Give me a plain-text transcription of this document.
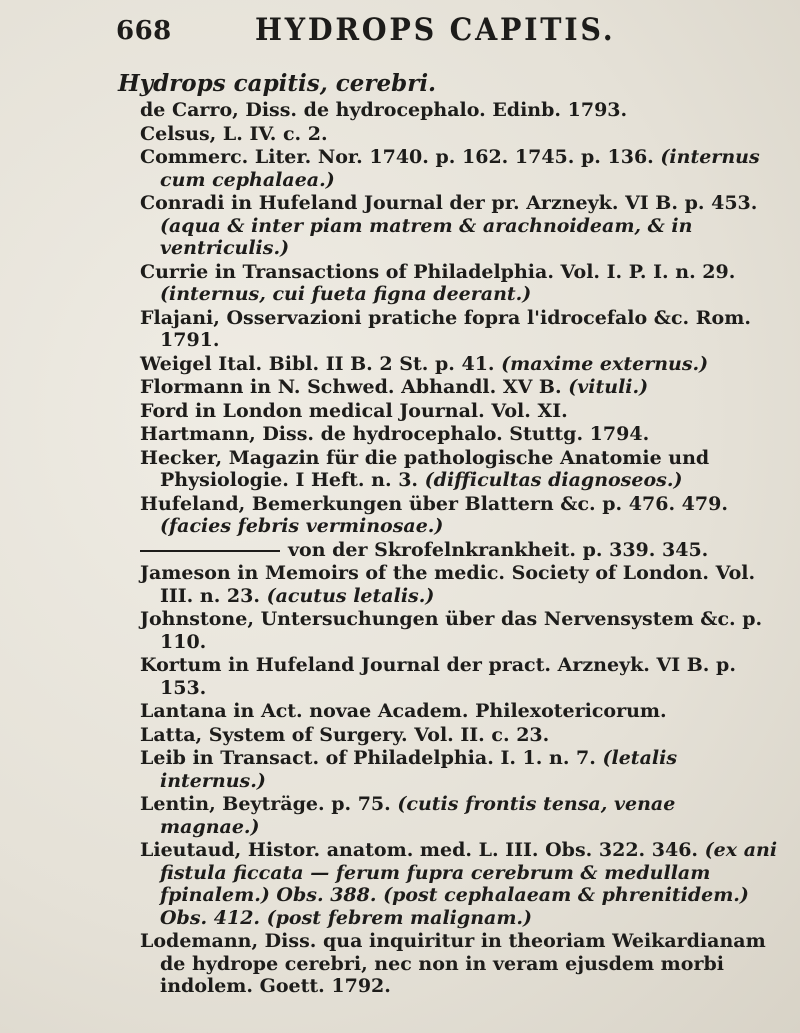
668	HYDROPS CAPITIS.
Hydrops capitis, cerebri.
de Carro, Diss. de hydrocephalo. Edinb. 1793.
Celsus, L. IV. c. 2.
Commerc. Liter. Nor. 1740. p. 162. 1745. p. 136. (internus cum cephalaea.)
Conradi in Hufeland Journal der pr. Arzneyk. VI B. p. 453. (aqua & inter piam matrem & arachnoideam, & in ventriculis.)
Currie in Transactions of Philadelphia. Vol. I. P. I. n. 29. (internus, cui fueta figna deerant.)
Flajani, Osservazioni pratiche fopra l'idrocefalo &c. Rom. 1791.
Weigel Ital. Bibl. II B. 2 St. p. 41. (maxime externus.)
Flormann in N. Schwed. Abhandl. XV B. (vituli.)
Ford in London medical Journal. Vol. XI.
Hartmann, Diss. de hydrocephalo. Stuttg. 1794.
Hecker, Magazin für die pathologische Anatomie und Physiologie. I Heft. n. 3. (difficultas diagnoseos.)
Hufeland, Bemerkungen über Blattern &c. p. 476. 479. (facies febris verminosae.)
von der Skrofelnkrankheit. p. 339. 345.
Jameson in Memoirs of the medic. Society of London. Vol. III. n. 23. (acutus letalis.)
Johnstone, Untersuchungen über das Nervensystem &c. p. 110.
Kortum in Hufeland Journal der pract. Arzneyk. VI B. p. 153.
Lantana in Act. novae Academ. Philexotericorum.
Latta, System of Surgery. Vol. II. c. 23.
Leib in Transact. of Philadelphia. I. 1. n. 7. (letalis internus.)
Lentin, Beyträge. p. 75. (cutis frontis tensa, venae magnae.)
Lieutaud, Histor. anatom. med. L. III. Obs. 322. 346. (ex ani fistula ficcata — ferum fupra cerebrum & medullam fpinalem.) Obs. 388. (post cephalaeam & phrenitidem.) Obs. 412. (post febrem malignam.)
Lodemann, Diss. qua inquiritur in theoriam Weikardianam de hydrope cerebri, nec non in veram ejusdem morbi indolem. Goett. 1792.
